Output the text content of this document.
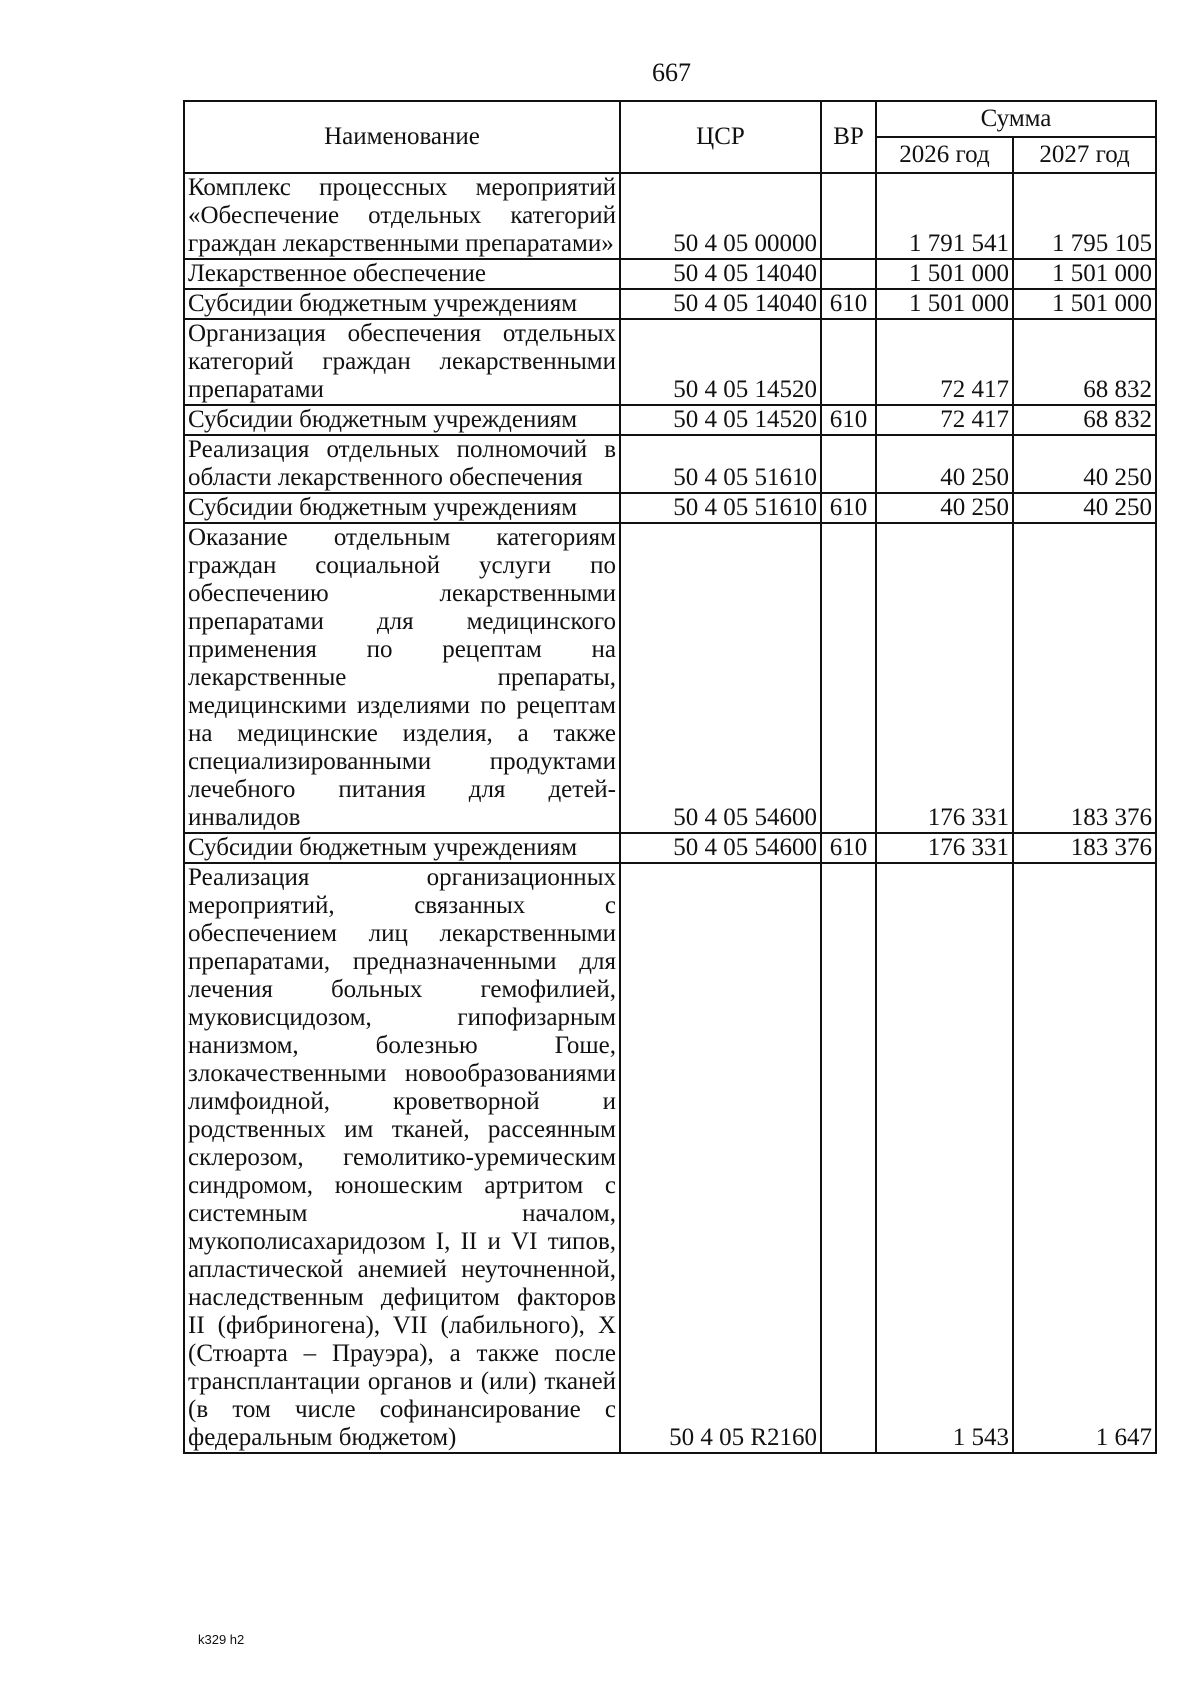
667
Наименование	ЦСР	ВР	Сумма	
			2026 год	2027 год
Комплекс процессных мероприятий «Обеспечение отдельных категорий граждан лекарственными препаратами»	50 4 05 00000		1 791 541	1 795 105
Лекарственное обеспечение	50 4 05 14040		1 501 000	1 501 000
Субсидии бюджетным учреждениям	50 4 05 14040	610	1 501 000	1 501 000
Организация обеспечения отдельных категорий граждан лекарственными препаратами	50 4 05 14520		72 417	68 832
Субсидии бюджетным учреждениям	50 4 05 14520	610	72 417	68 832
Реализация отдельных полномочий в области лекарственного обеспечения	50 4 05 51610		40 250	40 250
Субсидии бюджетным учреждениям	50 4 05 51610	610	40 250	40 250
Оказание отдельным категориям граждан социальной услуги по обеспечению лекарственными препаратами для медицинского применения по рецептам на лекарственные препараты, медицинскими изделиями по рецептам на медицинские изделия, а также специализированными продуктами лечебного питания для детей-инвалидов	50 4 05 54600		176 331	183 376
Субсидии бюджетным учреждениям	50 4 05 54600	610	176 331	183 376
Реализация организационных мероприятий, связанных с обеспечением лиц лекарственными препаратами, предназначенными для лечения больных гемофилией, муковисцидозом, гипофизарным нанизмом, болезнью Гоше, злокачественными новообразованиями лимфоидной, кроветворной и родственных им тканей, рассеянным склерозом, гемолитико-уремическим синдромом, юношеским артритом с системным началом, мукополисахаридозом I, II и VI типов, апластической анемией неуточненной, наследственным дефицитом факторов II (фибриногена), VII (лабильного), X (Стюарта – Прауэра), а также после трансплантации органов и (или) тканей (в том числе софинансирование с федеральным бюджетом)	50 4 05 R2160		1 543	1 647
k329 h2
